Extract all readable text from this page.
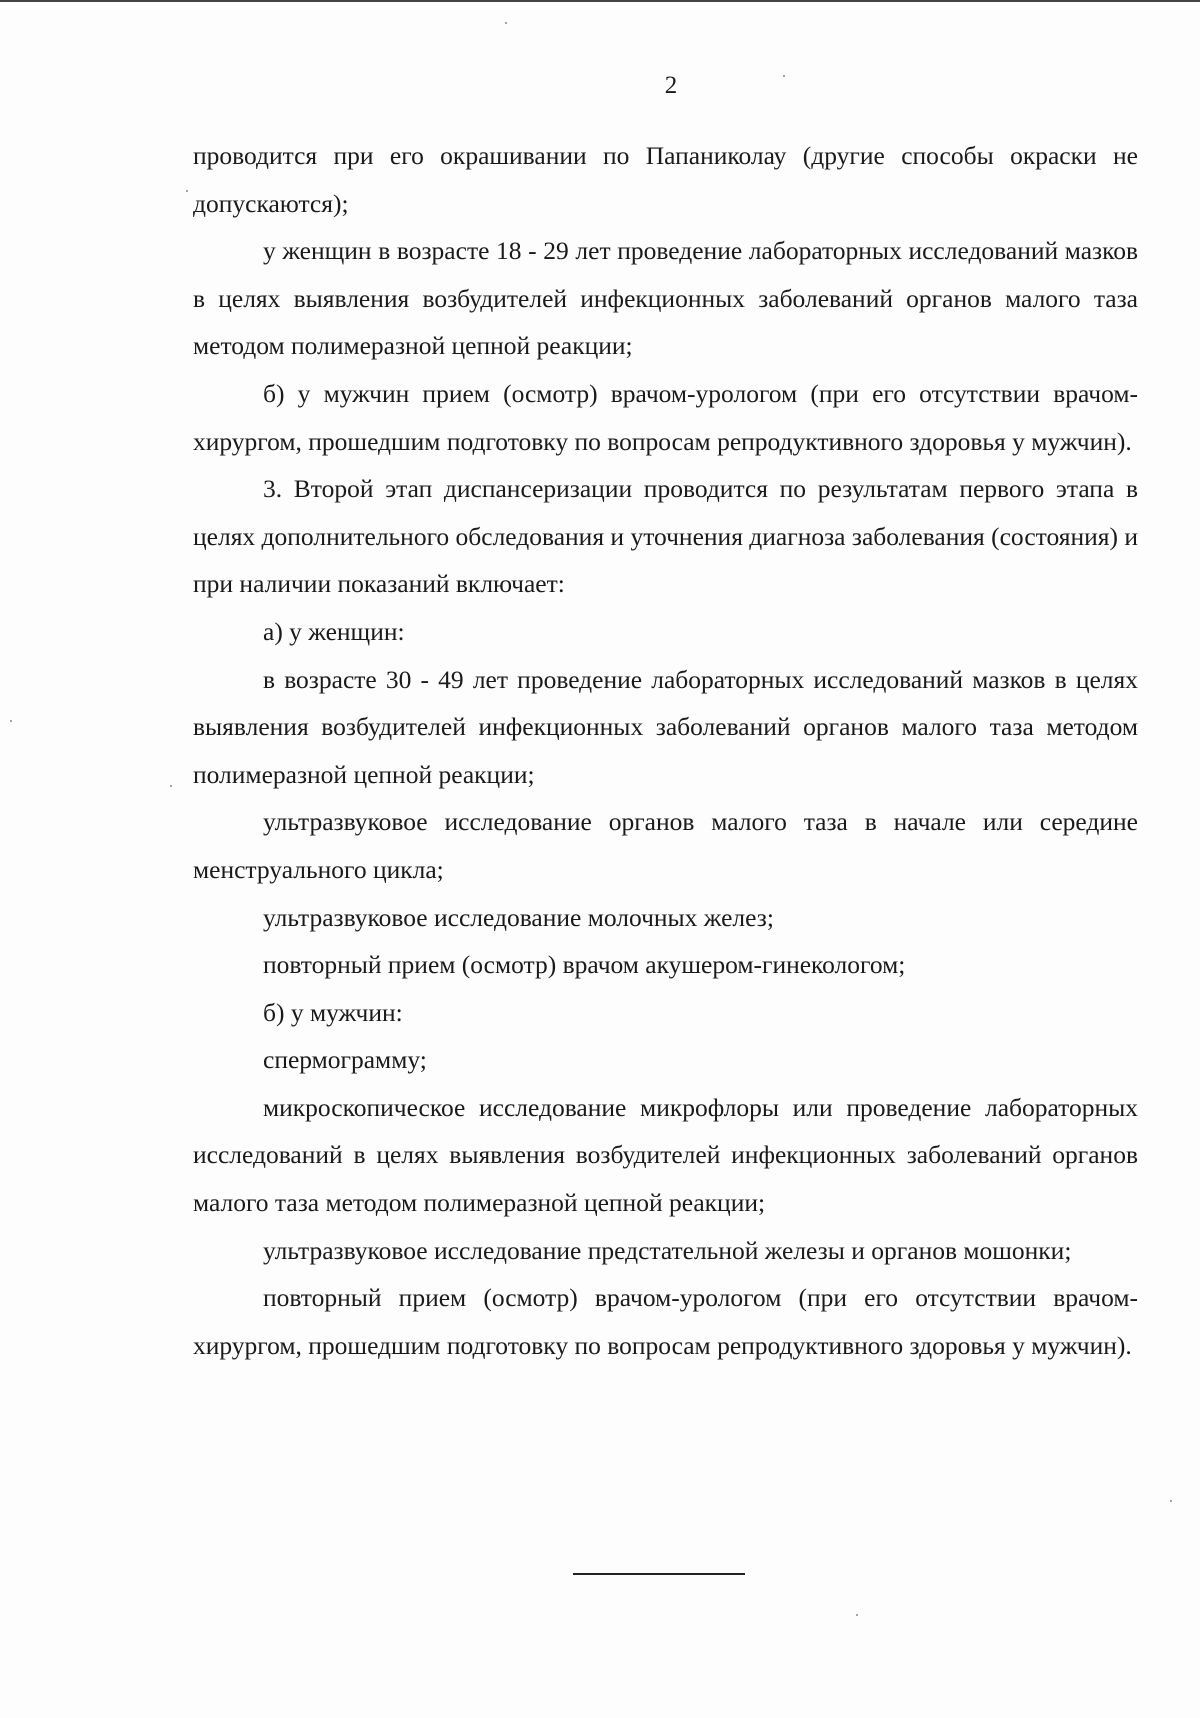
2

проводится при его окрашивании по Папаниколау (другие способы окраски не допускаются);

у женщин в возрасте 18 - 29 лет проведение лабораторных исследований мазков в целях выявления возбудителей инфекционных заболеваний органов малого таза методом полимеразной цепной реакции;

б) у мужчин прием (осмотр) врачом-урологом (при его отсутствии врачом-хирургом, прошедшим подготовку по вопросам репродуктивного здоровья у мужчин).

3. Второй этап диспансеризации проводится по результатам первого этапа в целях дополнительного обследования и уточнения диагноза заболевания (состояния) и при наличии показаний включает:

а) у женщин:

в возрасте 30 - 49 лет проведение лабораторных исследований мазков в целях выявления возбудителей инфекционных заболеваний органов малого таза методом полимеразной цепной реакции;

ультразвуковое исследование органов малого таза в начале или середине менструального цикла;

ультразвуковое исследование молочных желез;

повторный прием (осмотр) врачом акушером-гинекологом;

б) у мужчин:

спермограмму;

микроскопическое исследование микрофлоры или проведение лабораторных исследований в целях выявления возбудителей инфекционных заболеваний органов малого таза методом полимеразной цепной реакции;

ультразвуковое исследование предстательной железы и органов мошонки;

повторный прием (осмотр) врачом-урологом (при его отсутствии врачом-хирургом, прошедшим подготовку по вопросам репродуктивного здоровья у мужчин).
